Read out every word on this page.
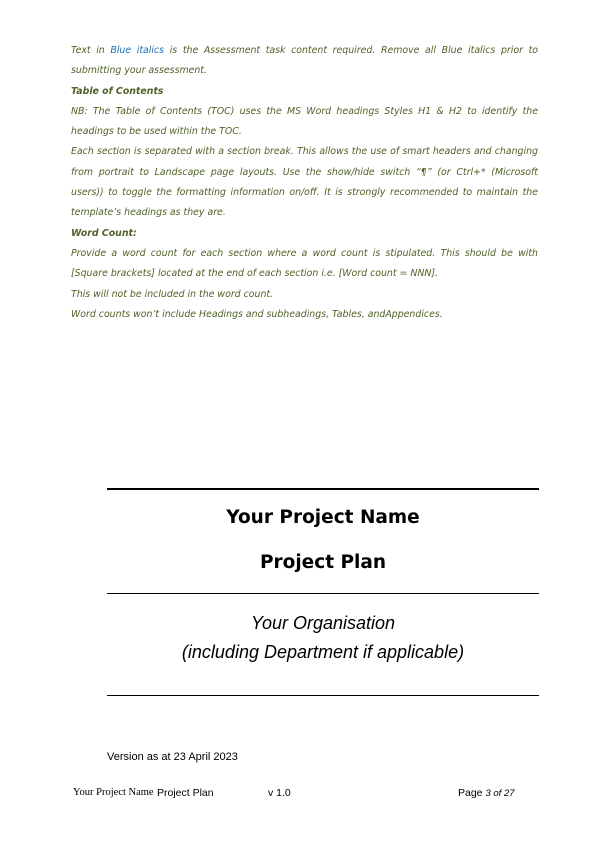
Text in Blue italics is the Assessment task content required. Remove all Blue italics prior to submitting your assessment.

Table of Contents

NB: The Table of Contents (TOC) uses the MS Word headings Styles H1 & H2 to identify the headings to be used within the TOC.

Each section is separated with a section break. This allows the use of smart headers and changing from portrait to Landscape page layouts. Use the show/hide switch “¶” (or Ctrl+* (Microsoft users)) to toggle the formatting information on/off. It is strongly recommended to maintain the template’s headings as they are.

Word Count:

Provide a word count for each section where a word count is stipulated. This should be with [Square brackets] located at the end of each section i.e. [Word count = NNN].

This will not be included in the word count.

Word counts won’t include Headings and subheadings, Tables, andAppendices.

Your Project Name
Project Plan
Your Organisation
(including Department if applicable)
Version as at 23 April 2023
Your Project Name Project Plan	v 1.0	Page 3 of 27
